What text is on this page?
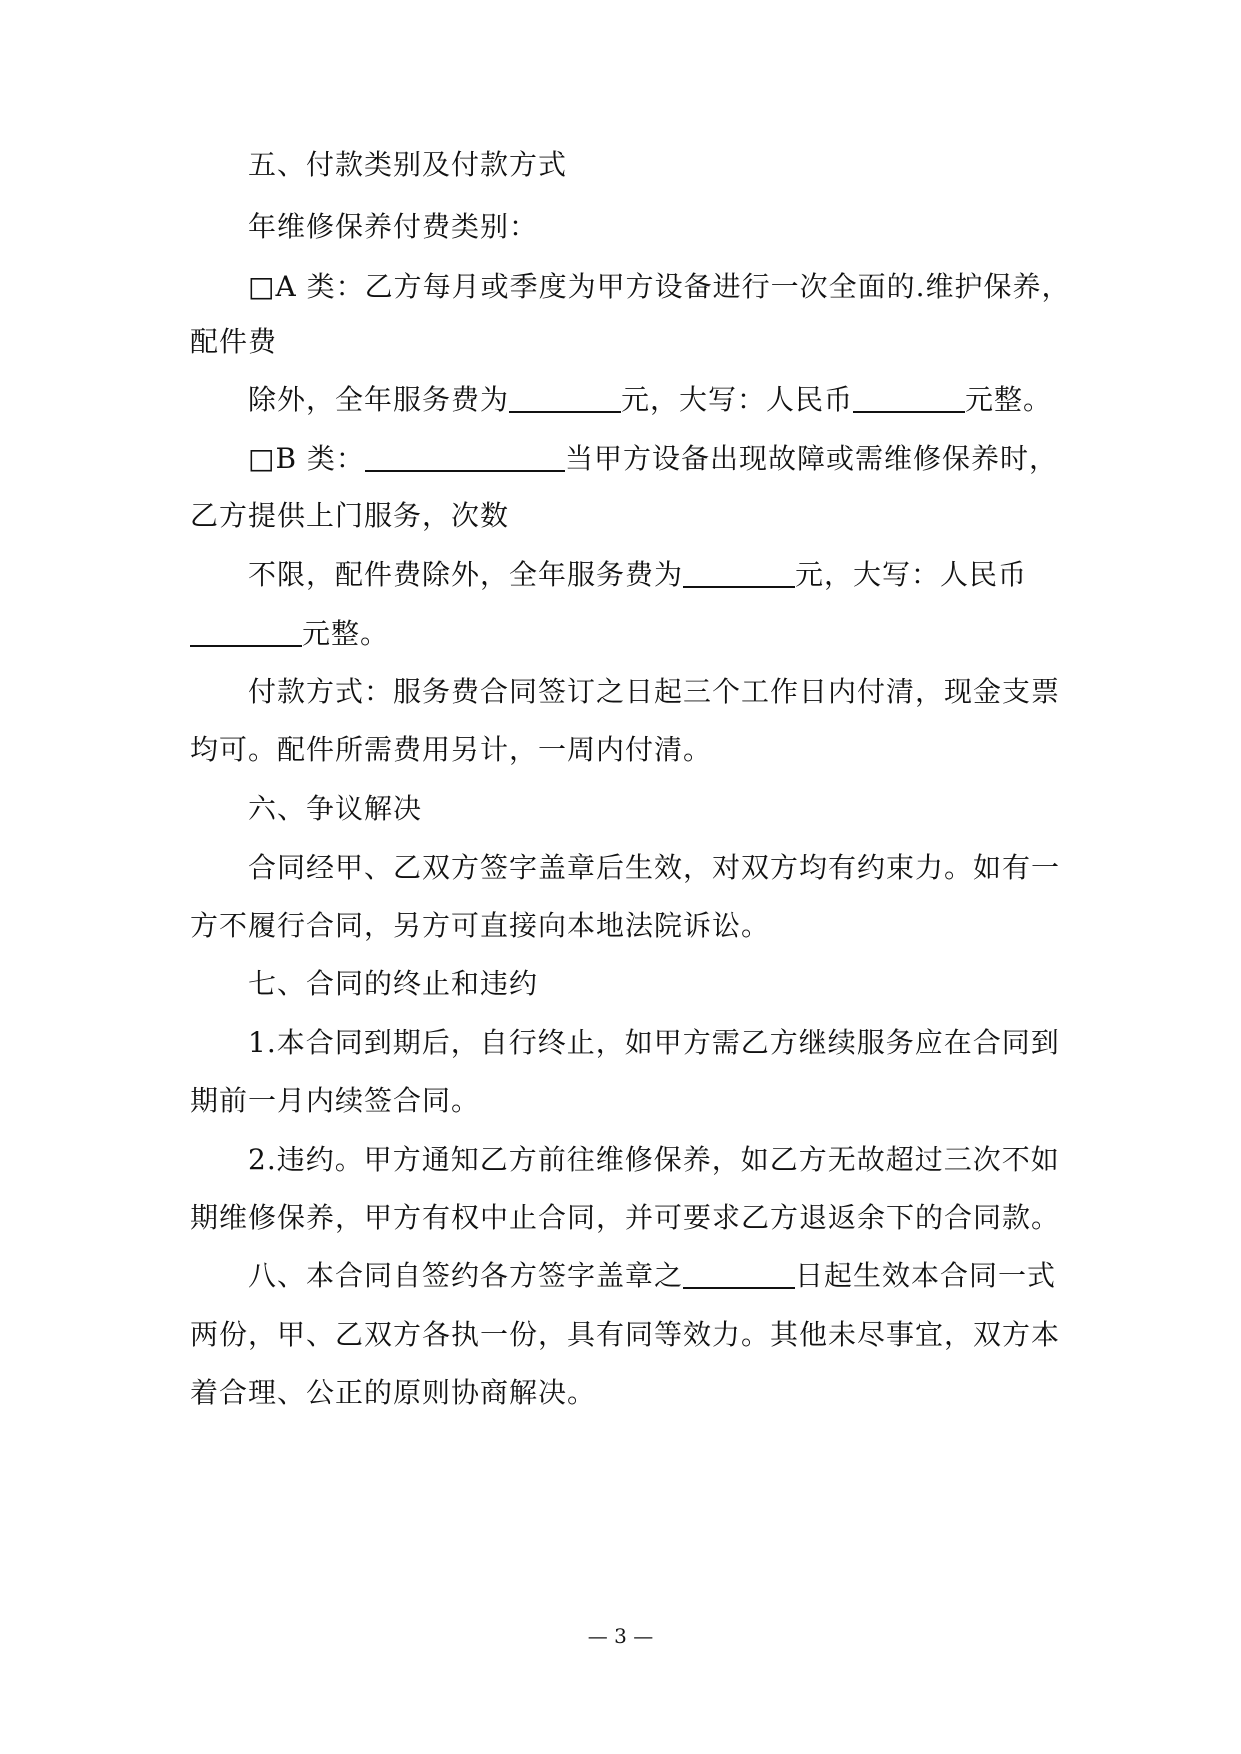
五、付款类别及付款方式
年维修保养付费类别：
□A 类：乙方每月或季度为甲方设备进行一次全面的.维护保养，
配件费
除外，全年服务费为	元，大写：人民币	元整。
□B 类：	当甲方设备出现故障或需维修保养时，
乙方提供上门服务，次数
不限，配件费除外，全年服务费为	元，大写：人民币
元整。
付款方式：服务费合同签订之日起三个工作日内付清，现金支票
均可。配件所需费用另计，一周内付清。
六、争议解决
合同经甲、乙双方签字盖章后生效，对双方均有约束力。如有一
方不履行合同，另方可直接向本地法院诉讼。
七、合同的终止和违约
1.本合同到期后，自行终止，如甲方需乙方继续服务应在合同到
期前一月内续签合同。
2.违约。甲方通知乙方前往维修保养，如乙方无故超过三次不如
期维修保养，甲方有权中止合同，并可要求乙方退返余下的合同款。
八、本合同自签约各方签字盖章之	日起生效本合同一式
两份，甲、乙双方各执一份，具有同等效力。其他未尽事宜，双方本
着合理、公正的原则协商解决。
— 3 —
